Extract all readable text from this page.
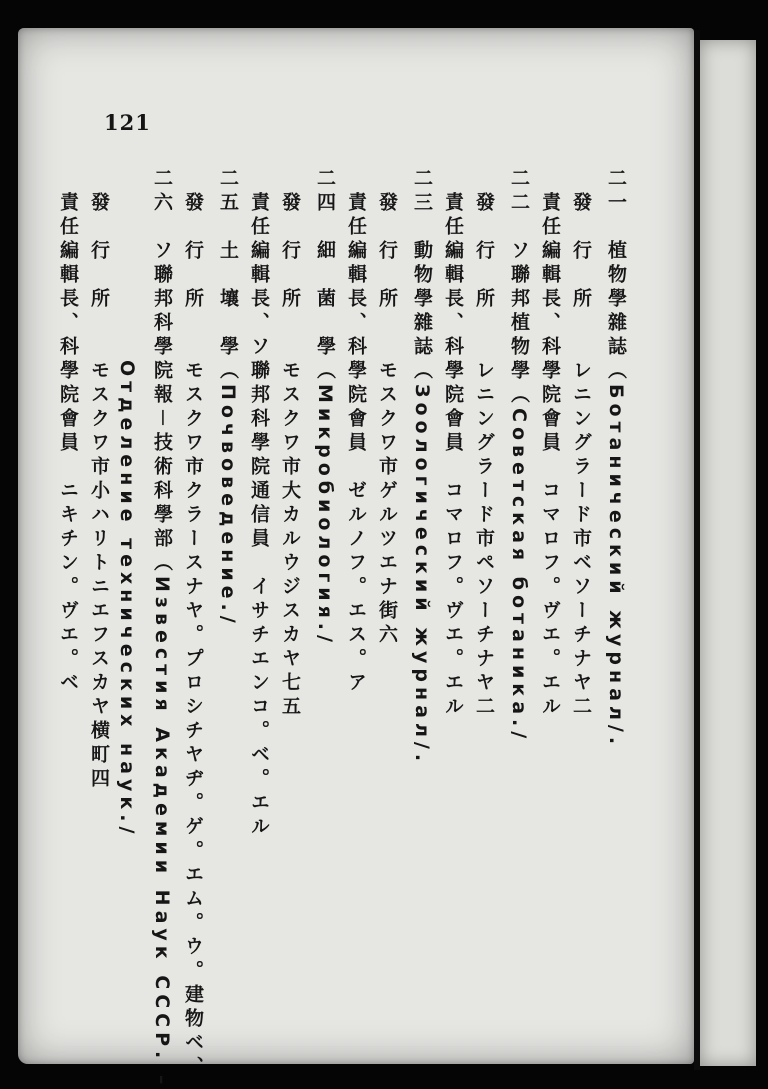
121
二一　植物學雜誌（Ботанический журнал/.
　發　行　所　　レニングラード市ベソーチナヤ二
　責任編輯長、科學院會員　コマロフ。ヴエ。エル
二二　ソ聯邦植物學（Советская ботаника./
　發　行　所　　レニングラード市ペソーチナヤ二
　責任編輯長、科學院會員　コマロフ。ヴエ。エル
二三　動物學雜誌（Зоологический журнал/.
　發　行　所　　モスクワ市ゲルツエナ街六
　責任編輯長、科學院會員　ゼルノフ。エス。ア
二四　細　菌　學（Микробиология./
　發　行　所　　モスクワ市大カルウジスカヤ七五
　責任編輯長、ソ聯邦科學院通信員　イサチエンコ。ベ。エル
二五　土　壤　學（Почвоведение./
　發　行　所　　モスクワ市クラースナヤ。プロシチヤヂ。ゲ。エム。ウ。建物ベ、
二六　ソ聯邦科學院報－技術科學部（Известия Академии Наук СССР. –
　　　　　　　　Отделение технических наук./
　發　行　所　　モスクワ市小ハリトニエフスカヤ横町四
　責任編輯長、科學院會員　ニキチン。ヴエ。ベ
